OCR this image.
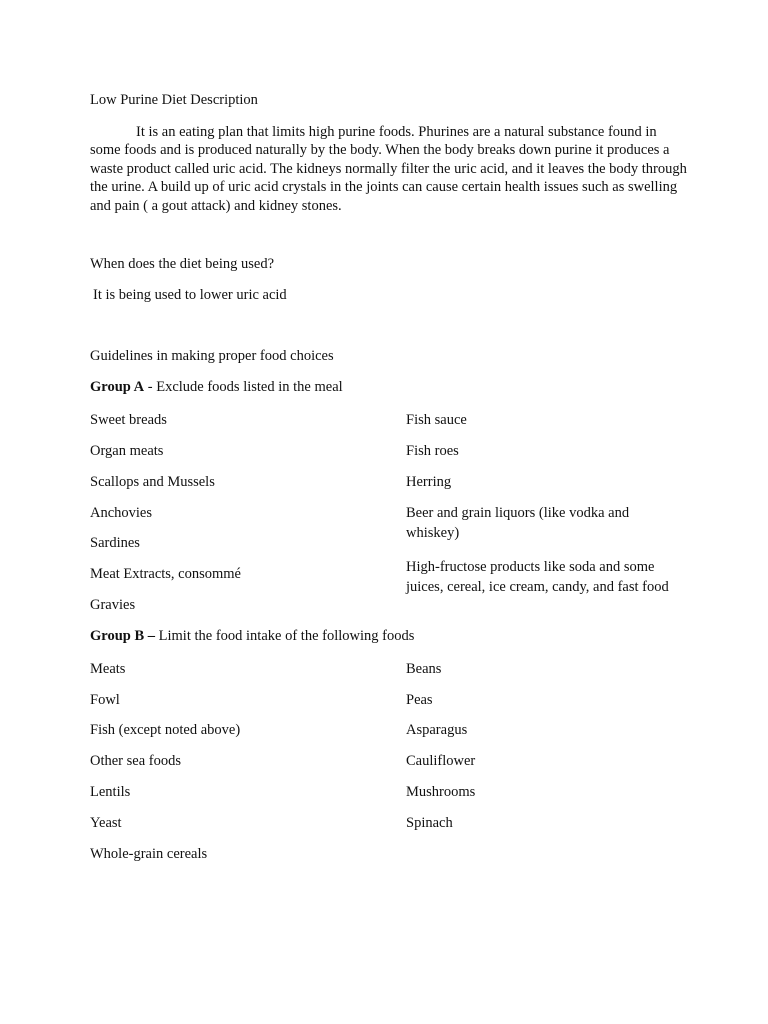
Low Purine Diet Description
It is an eating plan that limits high purine foods. Phurines are a natural substance found in some foods and is produced naturally by the body. When the body breaks down purine it produces a waste product called uric acid. The kidneys normally filter the uric acid, and it leaves the body through the urine. A build up of uric acid crystals in the joints can cause certain health issues such as swelling and pain ( a gout attack) and kidney stones.
When does the diet being used?
It is being used to lower uric acid
Guidelines in making proper food choices
Group A - Exclude foods listed in the meal
Sweet breads
Organ meats
Scallops and Mussels
Anchovies
Sardines
Meat Extracts, consommé
Gravies
Fish sauce
Fish roes
Herring
Beer and grain liquors (like vodka and whiskey)
High-fructose products like soda and some juices, cereal, ice cream, candy, and fast food
Group B – Limit the food intake of the following foods
Meats
Fowl
Fish (except noted above)
Other sea foods
Lentils
Yeast
Whole-grain cereals
Beans
Peas
Asparagus
Cauliflower
Mushrooms
Spinach
